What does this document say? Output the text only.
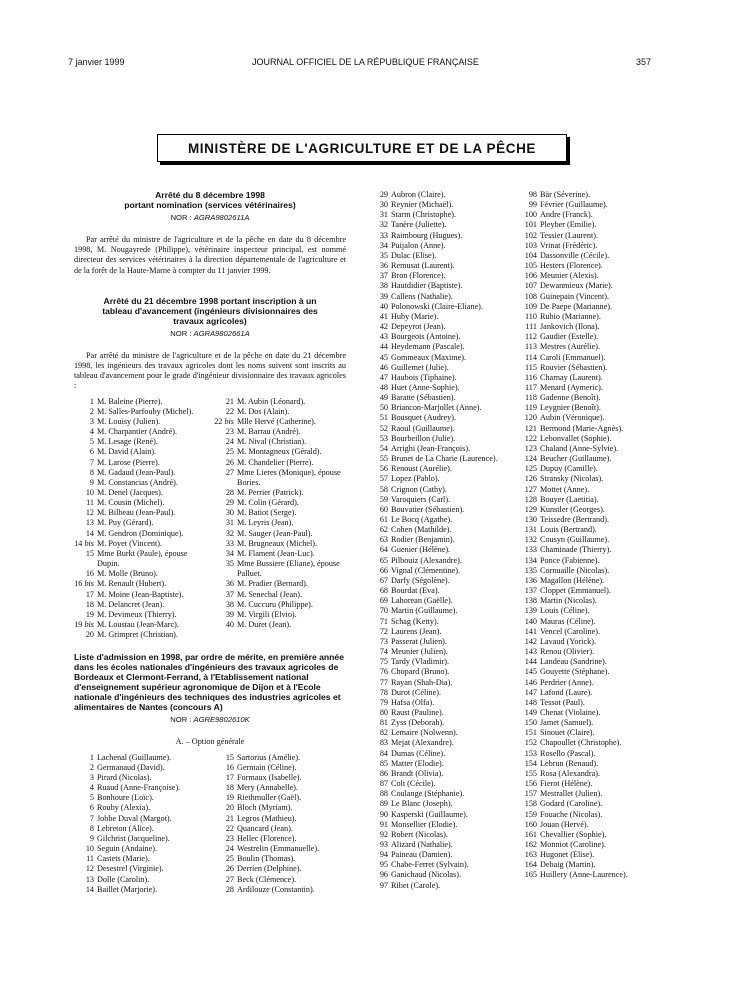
7 janvier 1999	JOURNAL OFFICIEL DE LA RÉPUBLIQUE FRANÇAISE	357
MINISTÈRE DE L'AGRICULTURE ET DE LA PÊCHE
Arrêté du 8 décembre 1998
portant nomination (services vétérinaires)
NOR : AGRA9802611A

Par arrêté du ministre de l'agriculture et de la pêche en date du 8 décembre 1998, M. Nougayrede (Philippe), vétérinaire inspecteur principal, est nommé directeur des services vétérinaires à la direction départementale de l'agriculture et de la forêt de la Haute-Marne à compter du 11 janvier 1999.

Arrêté du 21 décembre 1998 portant inscription à un tableau d'avancement (ingénieurs divisionnaires des travaux agricoles)
NOR : AGRA9802661A

Par arrêté du ministre de l'agriculture et de la pêche en date du 21 décembre 1998, les ingénieurs des travaux agricoles dont les noms suivent sont inscrits au tableau d'avancement pour le grade d'ingénieur divisionnaire des travaux agricoles :

1 M. Baleine (Pierre).
2 M. Salles-Parfouby (Michel).
3 M. Louisy (Julien).
4 M. Charpantier (André).
5 M. Lesage (René).
6 M. David (Alain).
7 M. Larose (Pierre).
8 M. Gadaud (Jean-Paul).
9 M. Constancias (André).
10 M. Denel (Jacques).
11 M. Cousin (Michel).
12 M. Bilbeau (Jean-Paul).
13 M. Puy (Gérard).
14 M. Gendron (Dominique).
14 bis M. Poyet (Vincent).
15 Mme Burkt (Paule), épouse Dupin.
16 M. Molle (Bruno).
16 bis M. Renault (Hubert).
17 M. Moine (Jean-Baptiste).
18 M. Delancret (Jean).
19 M. Devimeux (Thierry).
19 bis M. Loustau (Jean-Marc).
20 M. Grimpret (Christian).
21 M. Aubin (Léonard).
22 M. Dos (Alain).
22 bis Mlle Hervé (Catherine).
23 M. Barrau (André).
24 M. Nival (Christian).
25 M. Montagneux (Gérald).
26 M. Chandelier (Pierre).
27 Mme Lieres (Monique), épouse Bories.
28 M. Perrier (Patrick).
29 M. Colin (Gérard).
30 M. Batiot (Serge).
31 M. Leyris (Jean).
32 M. Sauger (Jean-Paul).
33 M. Brugneaux (Michel).
34 M. Flament (Jean-Luc).
35 Mme Bussiere (Eliane), épouse Palluet.
36 M. Pradier (Bernard).
37 M. Senechal (Jean).
38 M. Cuccuru (Philippe).
39 M. Virgili (Elvio).
40 M. Duret (Jean).
Liste d'admission en 1998, par ordre de mérite, en première année dans les écoles nationales d'ingénieurs des travaux agricoles de Bordeaux et Clermont-Ferrand, à l'Etablissement national d'enseignement supérieur agronomique de Dijon et à l'Ecole nationale d'ingénieurs des techniques des industries agricoles et alimentaires de Nantes (concours A)
NOR : AGRE9802610K
A. – Option générale
1 Lachenal (Guillaume).
2 Germanaud (David).
3 Pirard (Nicolas).
4 Ruaud (Anne-Françoise).
5 Bonhoure (Loïc).
6 Rouby (Alexia).
7 Jobbe Duval (Margot).
8 Lebreton (Alice).
9 Gilchrist (Jacqueline).
10 Seguin (Andaine).
11 Castets (Marie).
12 Desestrel (Virginie).
13 Dolle (Carolin).
14 Baillet (Marjorie).
15 Sartorius (Amélie).
16 Germain (Céline).
17 Formaux (Isabelle).
18 Mery (Annabelle).
19 Riethmuller (Gaël).
20 Bloch (Myriam).
21 Legros (Mathieu).
22 Quancard (Jean).
23 Hellec (Florence).
24 Westrelin (Emmanuelle).
25 Boulin (Thomas).
26 Derrien (Delphine).
27 Beck (Clémence).
28 Ardilouze (Constantin).
29 Aubron (Claire).
30 Reynier (Michaël).
31 Starm (Christophe).
32 Tanère (Juliette).
33 Raimbourg (Hugues).
34 Puijalon (Anne).
35 Dulac (Elise).
36 Remusat (Laurent).
37 Bron (Florence).
38 Hautdidier (Baptiste).
39 Callens (Nathalie).
40 Polonowski (Claire-Eliane).
41 Huby (Marie).
42 Depeyrot (Jean).
43 Bourgeois (Antoine).
44 Heydemann (Pascale).
45 Gommeaux (Maxime).
46 Guillemet (Julie).
47 Haubois (Tiphaine).
48 Huet (Anne-Sophie).
49 Baratte (Sébastien).
50 Briancon-Marjollet (Anne).
51 Bousquet (Audrey).
52 Raoul (Guillaume).
53 Bourbeillon (Julie).
54 Arrighi (Jean-François).
55 Brunet de La Charie (Laurence).
56 Renoust (Aurélie).
57 Lopez (Pablo).
58 Crignon (Cathy).
59 Varoquiers (Carl).
60 Bouvatier (Sébastien).
61 Le Bocq (Agathe).
62 Cohen (Mathilde).
63 Rodier (Benjamin).
64 Guenier (Hélène).
65 Pilbouiz (Alexandre).
66 Vignal (Clémentine).
67 Darfy (Ségolène).
68 Bourdat (Eva).
69 Lahorean (Gaëlle).
70 Martin (Guillaume).
71 Schag (Ketty).
72 Laurens (Jean).
73 Passerat (Julien).
74 Meunier (Julien).
75 Tardy (Vladimir).
76 Chopard (Bruno).
77 Rayan (Shah-Dia).
78 Durot (Céline).
79 Hafsa (Olfa).
80 Raust (Pauline).
81 Zyss (Deborah).
82 Lemaire (Nolwenn).
83 Mejat (Alexandre).
84 Dumas (Céline).
85 Matter (Elodie).
86 Brandt (Olivia).
87 Colt (Cécile).
88 Coulange (Stéphanie).
89 Le Blanc (Joseph).
90 Kasperski (Guillaume).
91 Monsellier (Elodie).
92 Robert (Nicolas).
93 Alizard (Nathalie).
94 Paineau (Damien).
95 Chabe-Ferret (Sylvain).
96 Ganichaud (Nicolas).
97 Ribet (Carole).
98 Bär (Séverine).
99 Février (Guillaume).
100 Andre (Franck).
101 Pleyber (Emilie).
102 Tessier (Laurent).
103 Vrinat (Frédéric).
104 Dassonville (Cécile).
105 Hesters (Florence).
106 Meunier (Alexis).
107 Dewanmieux (Marie).
108 Guinepain (Vincent).
109 De Paepe (Marianne).
110 Rubio (Marianne).
111 Jankovich (Ilona).
112 Gaudier (Estelle).
113 Mestres (Aurélie).
114 Caroli (Emmanuel).
115 Rouvier (Sébastien).
116 Charnay (Laurent).
117 Menard (Aymeric).
118 Gadenne (Benoît).
119 Leygnier (Benoît).
120 Aubin (Véronique).
121 Bermond (Marie-Agnès).
122 Lebonvallet (Sophie).
123 Chaland (Anne-Sylvie).
124 Beucher (Guillaume).
125 Dupuy (Camille).
126 Stransky (Nicolas).
127 Mottet (Anne).
128 Bouyer (Laetitia).
129 Kunstler (Georges).
130 Teissedre (Bertrand).
131 Louis (Bertrand).
132 Cousyn (Guillaume).
133 Chaminade (Thierry).
134 Ponce (Fabienne).
135 Cornuaille (Nicolas).
136 Magallon (Hélène).
137 Cloppet (Emmanuel).
138 Martin (Nicolas).
139 Louis (Céline).
140 Mauras (Céline).
141 Vencel (Caroline).
142 Lavaud (Yorick).
143 Renou (Olivier).
144 Landeau (Sandrine).
145 Gouyette (Stéphane).
146 Perdrier (Anne).
147 Lafond (Laure).
148 Tessot (Paul).
149 Chenat (Violaine).
150 Jamet (Samuel).
151 Sinouet (Claire).
152 Chapoullet (Christophe).
153 Rosello (Pascal).
154 Lebrun (Renaud).
155 Rosa (Alexandra).
156 Fierot (Hélène).
157 Mestrallet (Julien).
158 Godard (Caroline).
159 Fouache (Nicolas).
160 Jouan (Hervé).
161 Chevallier (Sophie).
162 Monniot (Caroline).
163 Hugonet (Elise).
164 Debaig (Martin).
165 Huillery (Anne-Laurence).
